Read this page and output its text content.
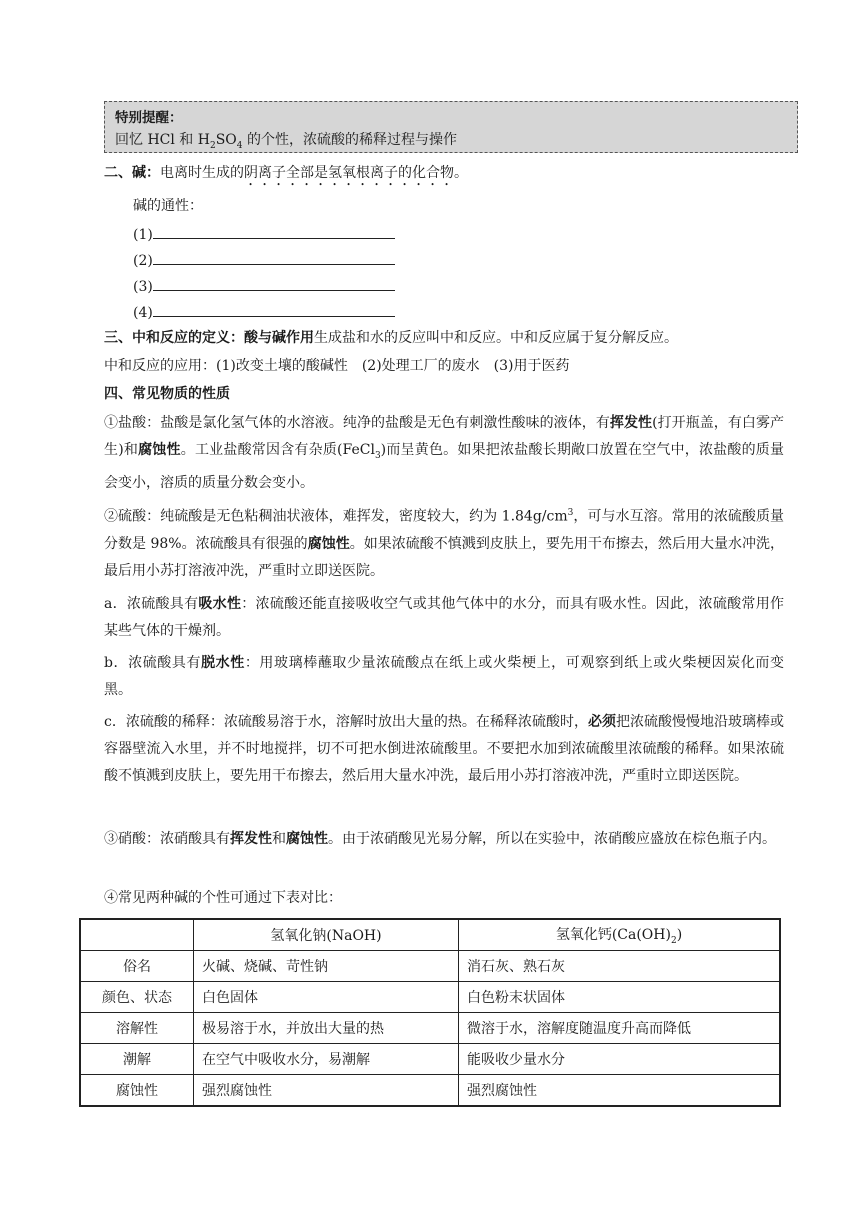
特别提醒：
回忆 HCl 和 $H_2SO_4$ 的个性，浓硫酸的稀释过程与操作
二、碱：电离时生成的阴离子全部是氢氧根离子的化合物。
碱的通性：
(1)
(2)
(3)
(4)
三、中和反应的定义：酸与碱作用生成盐和水的反应叫中和反应。中和反应属于复分解反应。
中和反应的应用：(1)改变土壤的酸碱性　(2)处理工厂的废水　(3)用于医药
四、常见物质的性质
①盐酸：盐酸是氯化氢气体的水溶液。纯净的盐酸是无色有刺激性酸味的液体，有挥发性(打开瓶盖，有白雾产生)和腐蚀性。工业盐酸常因含有杂质(FeCl$_3$)而呈黄色。如果把浓盐酸长期敞口放置在空气中，浓盐酸的质量会变小，溶质的质量分数会变小。
②硫酸：纯硫酸是无色粘稠油状液体，难挥发，密度较大，约为 $1.84g/cm^3$，可与水互溶。常用的浓硫酸质量分数是 98%。浓硫酸具有很强的腐蚀性。如果浓硫酸不慎溅到皮肤上，要先用干布擦去，然后用大量水冲洗，最后用小苏打溶液冲洗，严重时立即送医院。
a．浓硫酸具有吸水性：浓硫酸还能直接吸收空气或其他气体中的水分，而具有吸水性。因此，浓硫酸常用作某些气体的干燥剂。
b．浓硫酸具有脱水性：用玻璃棒蘸取少量浓硫酸点在纸上或火柴梗上，可观察到纸上或火柴梗因炭化而变黑。
c．浓硫酸的稀释：浓硫酸易溶于水，溶解时放出大量的热。在稀释浓硫酸时，必须把浓硫酸慢慢地沿玻璃棒或容器壁流入水里，并不时地搅拌，切不可把水倒进浓硫酸里。不要把水加到浓硫酸里浓硫酸的稀释。如果浓硫酸不慎溅到皮肤上，要先用干布擦去，然后用大量水冲洗，最后用小苏打溶液冲洗，严重时立即送医院。
③硝酸：浓硝酸具有挥发性和腐蚀性。由于浓硝酸见光易分解，所以在实验中，浓硝酸应盛放在棕色瓶子内。
④常见两种碱的个性可通过下表对比：
	氢氧化钠(NaOH)	氢氧化钙$(Ca(OH)_2)$
俗名	火碱、烧碱、苛性钠	消石灰、熟石灰
颜色、状态	白色固体	白色粉末状固体
溶解性	极易溶于水，并放出大量的热	微溶于水，溶解度随温度升高而降低
潮解	在空气中吸收水分，易潮解	能吸收少量水分
腐蚀性	强烈腐蚀性	强烈腐蚀性
